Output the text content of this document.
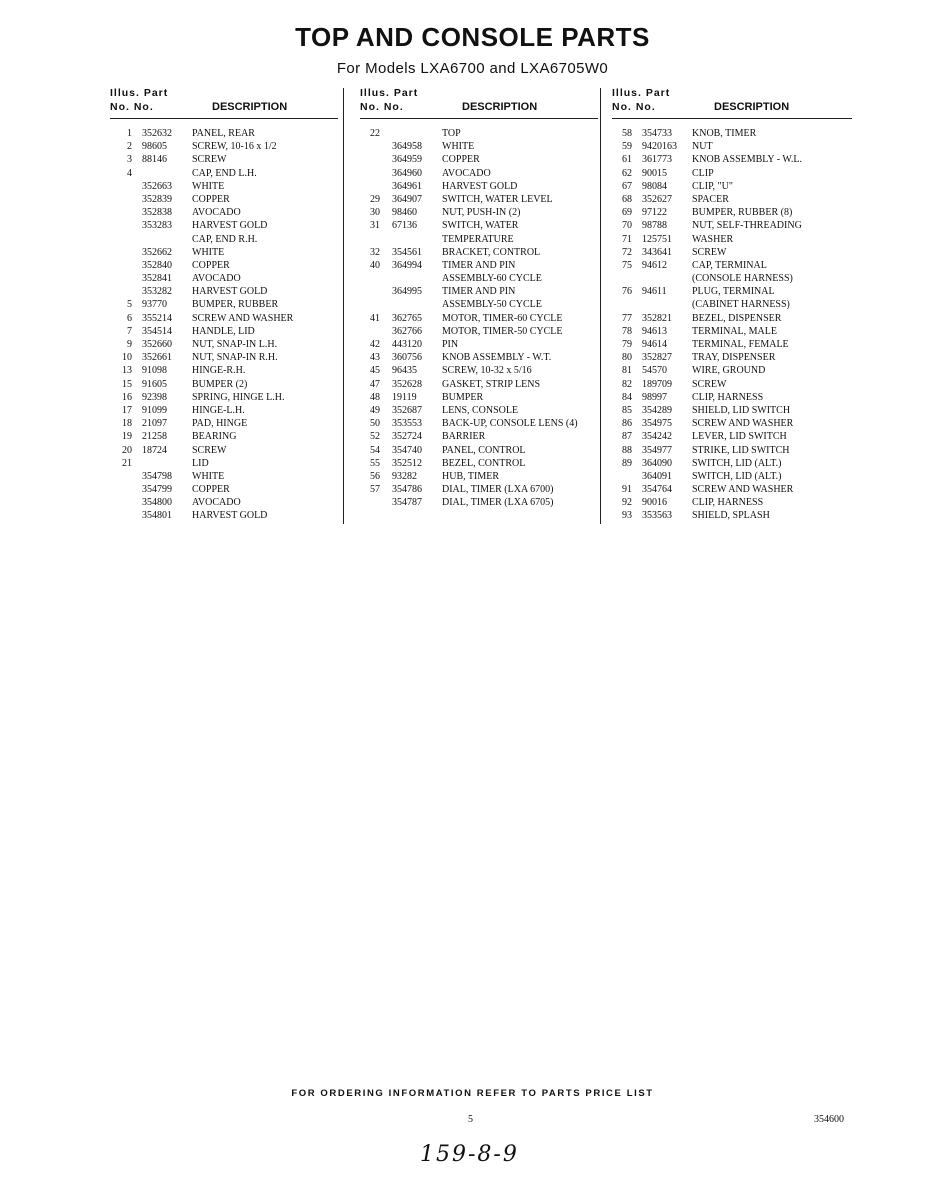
TOP AND CONSOLE PARTS
For Models LXA6700 and LXA6705W0
Illus. Part
No. No.	DESCRIPTION
1 352632 PANEL, REAR
2 98605	SCREW, 10-16 x 1/2
3 88146	SCREW
4	CAP, END L.H.
352663 WHITE
352839 COPPER
352838 AVOCADO
353283 HARVEST GOLD
CAP, END R.H.
352662 WHITE
352840 COPPER
352841 AVOCADO
353282 HARVEST GOLD
5 93770	BUMPER, RUBBER
6 355214 SCREW AND WASHER
7 354514 HANDLE, LID
9 352660 NUT, SNAP-IN L.H.
10 352661 NUT, SNAP-IN R.H.
13 91098	HINGE-R.H.
15 91605	BUMPER (2)
16 92398	SPRING, HINGE L.H.
17 91099	HINGE-L.H.
18 21097	PAD, HINGE
19 21258	BEARING
20 18724	SCREW
21	LID
354798 WHITE
354799 COPPER
354800 AVOCADO
354801 HARVEST GOLD
Illus. Part
No. No.	DESCRIPTION
22	TOP
364958 WHITE
364959 COPPER
364960 AVOCADO
364961 HARVEST GOLD
29 364907 SWITCH, WATER LEVEL
30 98460	NUT, PUSH-IN (2)
31 67136	SWITCH, WATER
TEMPERATURE
32 354561 BRACKET, CONTROL
40 364994 TIMER AND PIN
ASSEMBLY-60 CYCLE
364995 TIMER AND PIN
ASSEMBLY-50 CYCLE
41 362765 MOTOR, TIMER-60 CYCLE
362766 MOTOR, TIMER-50 CYCLE
42 443120 PIN
43 360756 KNOB ASSEMBLY - W.T.
45 96435	SCREW, 10-32 x 5/16
47 352628 GASKET, STRIP LENS
48 19119	BUMPER
49 352687 LENS, CONSOLE
50 353553 BACK-UP, CONSOLE LENS (4)
52 352724 BARRIER
54 354740 PANEL, CONTROL
55 352512 BEZEL, CONTROL
56 93282	HUB, TIMER
57 354786 DIAL, TIMER (LXA 6700)
354787 DIAL, TIMER (LXA 6705)
Illus. Part
No. No.	DESCRIPTION
58 354733 KNOB, TIMER
59 9420163 NUT
61 361773 KNOB ASSEMBLY - W.L.
62 90015	CLIP
67 98084	CLIP, "U"
68 352627 SPACER
69 97122	BUMPER, RUBBER (8)
70 98788	NUT, SELF-THREADING
71 125751 WASHER
72 343641 SCREW
75 94612	CAP, TERMINAL
(CONSOLE HARNESS)
76 94611	PLUG, TERMINAL
(CABINET HARNESS)
77 352821 BEZEL, DISPENSER
78 94613	TERMINAL, MALE
79 94614	TERMINAL, FEMALE
80 352827 TRAY, DISPENSER
81 54570	WIRE, GROUND
82 189709 SCREW
84 98997	CLIP, HARNESS
85 354289 SHIELD, LID SWITCH
86 354975 SCREW AND WASHER
87 354242 LEVER, LID SWITCH
88 354977 STRIKE, LID SWITCH
89 364090 SWITCH, LID (ALT.)
364091 SWITCH, LID (ALT.)
91 354764 SCREW AND WASHER
92 90016	CLIP, HARNESS
93 353563 SHIELD, SPLASH
FOR ORDERING INFORMATION REFER TO PARTS PRICE LIST
5	354600
159-8-9
